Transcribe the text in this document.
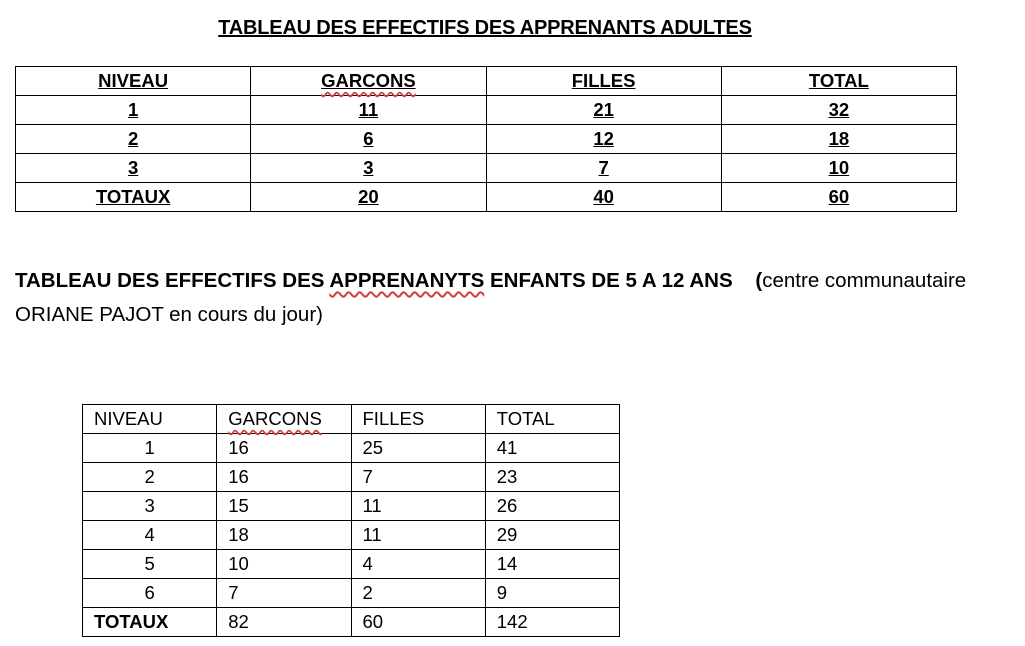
TABLEAU DES EFFECTIFS DES APPRENANTS ADULTES
NIVEAU	GARCONS	FILLES	TOTAL
1	11	21	32
2	6	12	18
3	3	7	10
TOTAUX	20	40	60
TABLEAU DES EFFECTIFS DES APPRENANYTS ENFANTS DE 5 A 12 ANS (centre communautaire ORIANE PAJOT en cours du jour)
NIVEAU	GARCONS	FILLES	TOTAL
1	16	25	41
2	16	7	23
3	15	11	26
4	18	11	29
5	10	4	14
6	7	2	9
TOTAUX	82	60	142
